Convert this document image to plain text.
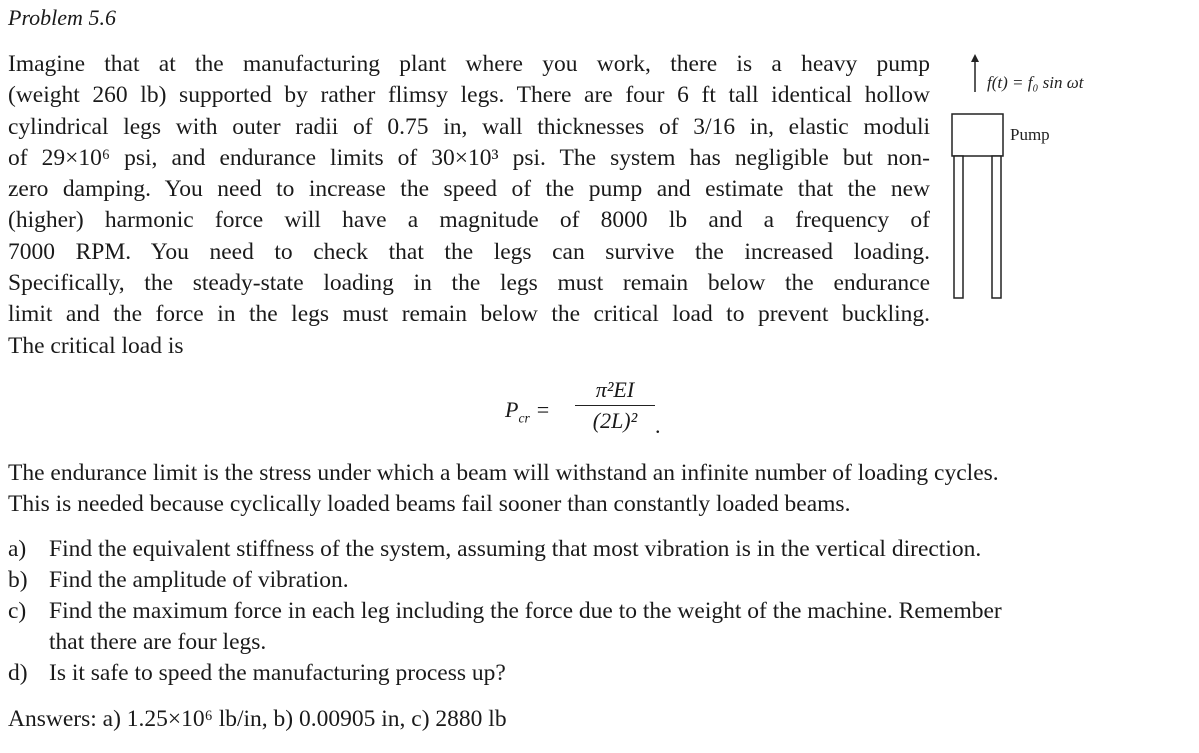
Problem 5.6
Imagine that at the manufacturing plant where you work, there is a heavy pump
(weight 260 lb) supported by rather flimsy legs. There are four 6 ft tall identical hollow
cylindrical legs with outer radii of 0.75 in, wall thicknesses of 3/16 in, elastic moduli
of 29×10⁶ psi, and endurance limits of 30×10³ psi. The system has negligible but non-
zero damping. You need to increase the speed of the pump and estimate that the new
(higher) harmonic force will have a magnitude of 8000 lb and a frequency of
7000 RPM. You need to check that the legs can survive the increased loading.
Specifically, the steady-state loading in the legs must remain below the endurance
limit and the force in the legs must remain below the critical load to prevent buckling.
The critical load is
f(t) = f₀ sin ωt
Pump
$P_{cr}$ =
π²EI
(2L)² .
The endurance limit is the stress under which a beam will withstand an infinite number of loading cycles.
This is needed because cyclically loaded beams fail sooner than constantly loaded beams.
a) Find the equivalent stiffness of the system, assuming that most vibration is in the vertical direction.
b) Find the amplitude of vibration.
c) Find the maximum force in each leg including the force due to the weight of the machine. Remember
that there are four legs.
d) Is it safe to speed the manufacturing process up?
Answers: a) 1.25×10⁶ lb/in, b) 0.00905 in, c) 2880 lb
